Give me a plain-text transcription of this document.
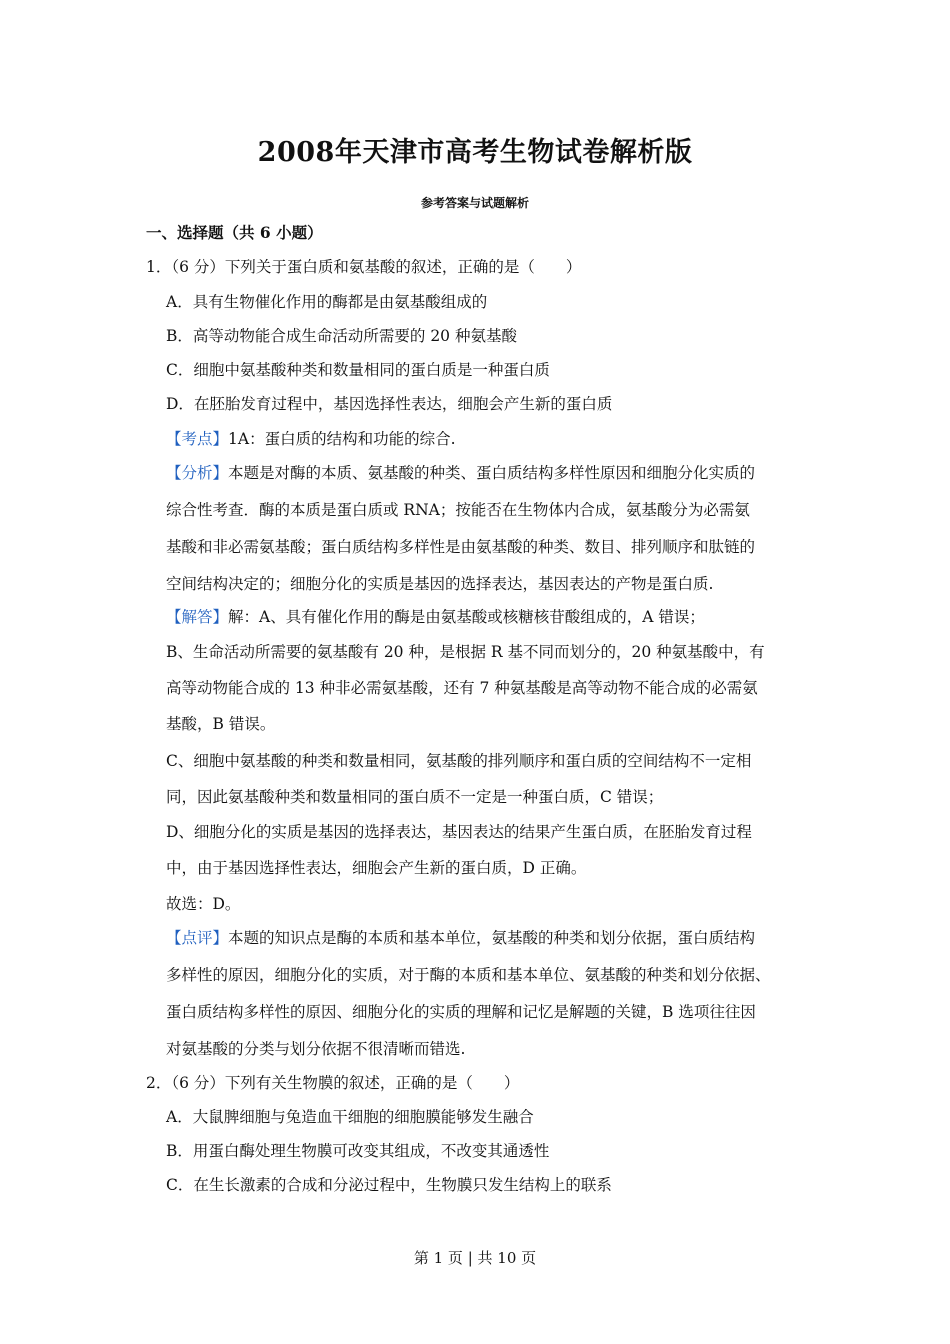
2008年天津市高考生物试卷解析版
参考答案与试题解析
一、选择题（共 6 小题）
1．（6 分）下列关于蛋白质和氨基酸的叙述，正确的是（　　）
A．具有生物催化作用的酶都是由氨基酸组成的
B．高等动物能合成生命活动所需要的 20 种氨基酸
C．细胞中氨基酸种类和数量相同的蛋白质是一种蛋白质
D．在胚胎发育过程中，基因选择性表达，细胞会产生新的蛋白质
【考点】1A：蛋白质的结构和功能的综合.
【分析】本题是对酶的本质、氨基酸的种类、蛋白质结构多样性原因和细胞分化实质的
综合性考查．酶的本质是蛋白质或 RNA；按能否在生物体内合成，氨基酸分为必需氨
基酸和非必需氨基酸；蛋白质结构多样性是由氨基酸的种类、数目、排列顺序和肽链的
空间结构决定的；细胞分化的实质是基因的选择表达，基因表达的产物是蛋白质.
【解答】解：A、具有催化作用的酶是由氨基酸或核糖核苷酸组成的，A 错误；
B、生命活动所需要的氨基酸有 20 种，是根据 R 基不同而划分的，20 种氨基酸中，有
高等动物能合成的 13 种非必需氨基酸，还有 7 种氨基酸是高等动物不能合成的必需氨
基酸，B 错误。
C、细胞中氨基酸的种类和数量相同，氨基酸的排列顺序和蛋白质的空间结构不一定相
同，因此氨基酸种类和数量相同的蛋白质不一定是一种蛋白质，C 错误；
D、细胞分化的实质是基因的选择表达，基因表达的结果产生蛋白质，在胚胎发育过程
中，由于基因选择性表达，细胞会产生新的蛋白质，D 正确。
故选：D。
【点评】本题的知识点是酶的本质和基本单位，氨基酸的种类和划分依据，蛋白质结构
多样性的原因，细胞分化的实质，对于酶的本质和基本单位、氨基酸的种类和划分依据、
蛋白质结构多样性的原因、细胞分化的实质的理解和记忆是解题的关键，B 选项往往因
对氨基酸的分类与划分依据不很清晰而错选.
2．（6 分）下列有关生物膜的叙述，正确的是（　　）
A．大鼠脾细胞与兔造血干细胞的细胞膜能够发生融合
B．用蛋白酶处理生物膜可改变其组成，不改变其通透性
C．在生长激素的合成和分泌过程中，生物膜只发生结构上的联系
第 1 页 | 共 10 页
